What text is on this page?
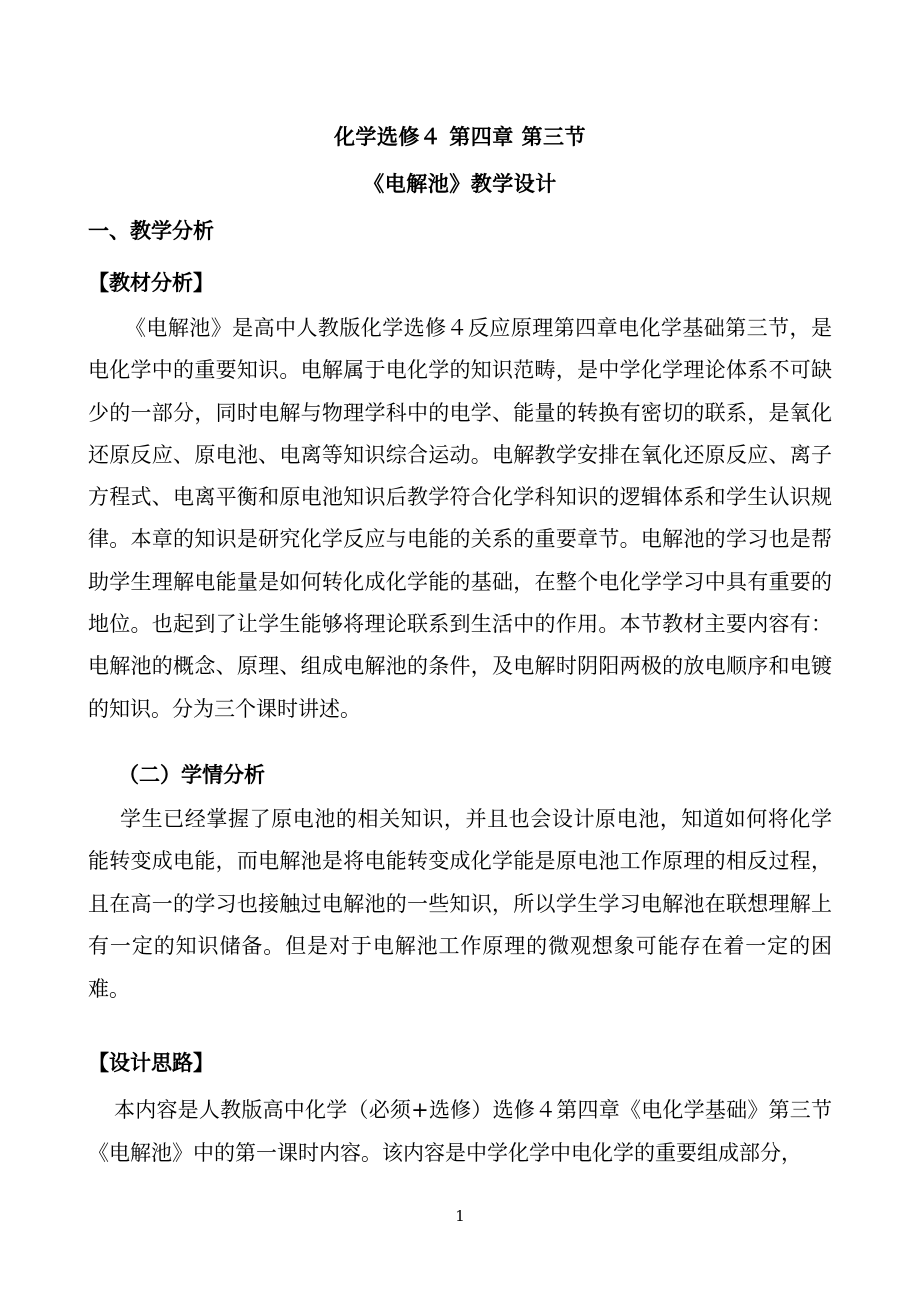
化学选修４ 第四章 第三节
《电解池》教学设计
一、教学分析
【教材分析】
《电解池》是高中人教版化学选修４反应原理第四章电化学基础第三节，是电化学中的重要知识。电解属于电化学的知识范畴，是中学化学理论体系不可缺少的一部分，同时电解与物理学科中的电学、能量的转换有密切的联系，是氧化还原反应、原电池、电离等知识综合运动。电解教学安排在氧化还原反应、离子方程式、电离平衡和原电池知识后教学符合化学科知识的逻辑体系和学生认识规律。本章的知识是研究化学反应与电能的关系的重要章节。电解池的学习也是帮助学生理解电能量是如何转化成化学能的基础，在整个电化学学习中具有重要的地位。也起到了让学生能够将理论联系到生活中的作用。本节教材主要内容有：电解池的概念、原理、组成电解池的条件，及电解时阴阳两极的放电顺序和电镀的知识。分为三个课时讲述。
（二）学情分析
学生已经掌握了原电池的相关知识，并且也会设计原电池，知道如何将化学能转变成电能，而电解池是将电能转变成化学能是原电池工作原理的相反过程，且在高一的学习也接触过电解池的一些知识，所以学生学习电解池在联想理解上有一定的知识储备。但是对于电解池工作原理的微观想象可能存在着一定的困难。
【设计思路】
本内容是人教版高中化学（必须+选修）选修４第四章《电化学基础》第三节《电解池》中的第一课时内容。该内容是中学化学中电化学的重要组成部分，
1
